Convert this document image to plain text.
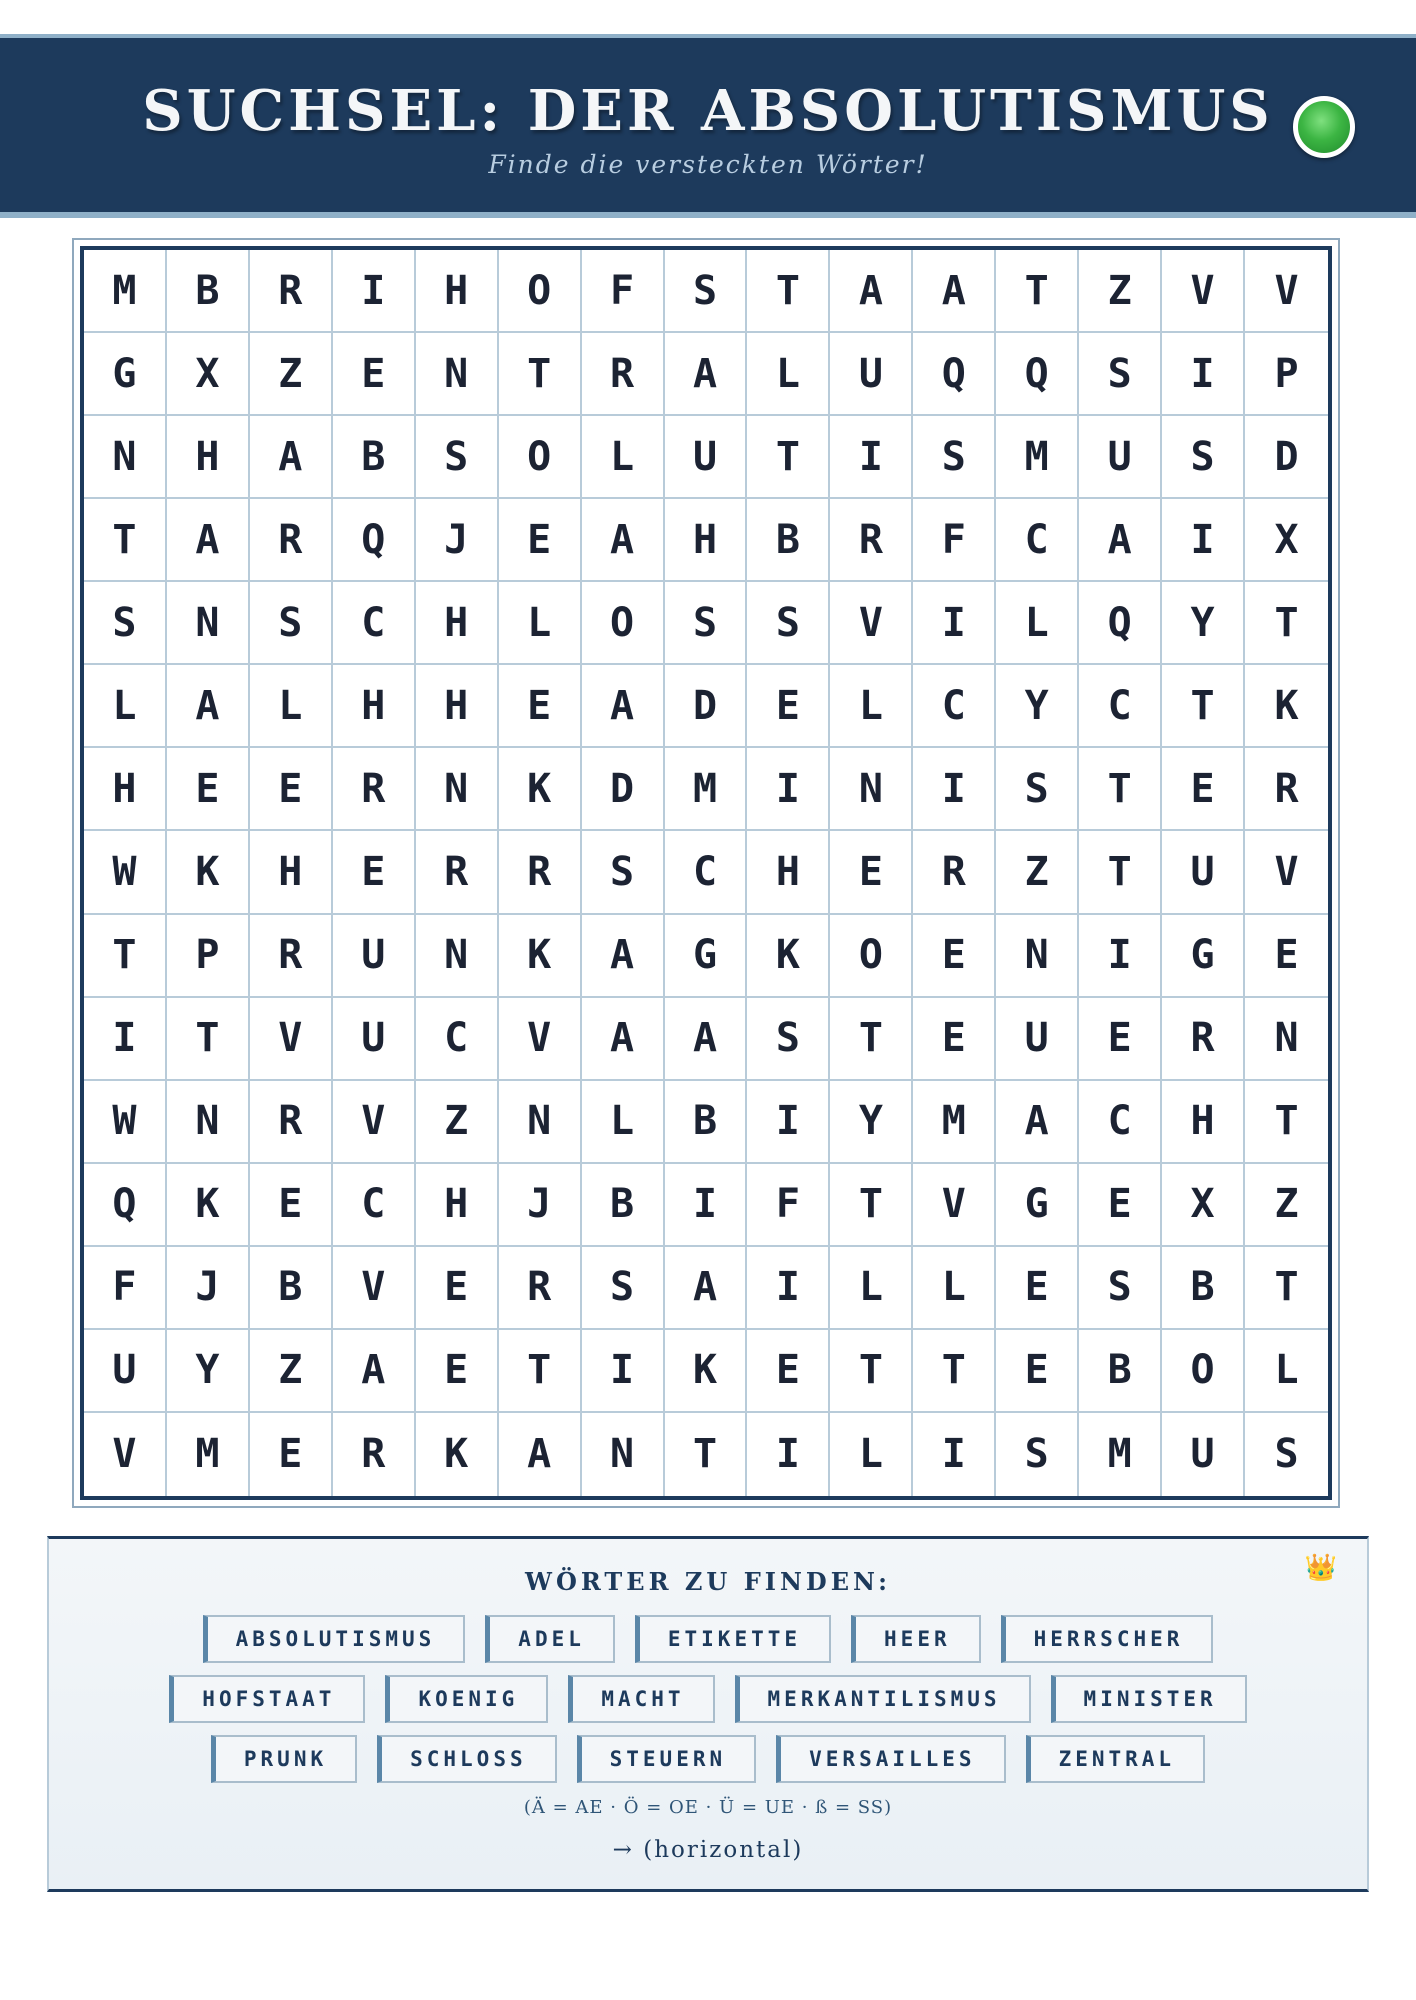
SUCHSEL: DER ABSOLUTISMUS
Finde die versteckten Wörter!
M	B	R	I	H	O	F	S	T	A	A	T	Z	V	V
G	X	Z	E	N	T	R	A	L	U	Q	Q	S	I	P
N	H	A	B	S	O	L	U	T	I	S	M	U	S	D
T	A	R	Q	J	E	A	H	B	R	F	C	A	I	X
S	N	S	C	H	L	O	S	S	V	I	L	Q	Y	T
L	A	L	H	H	E	A	D	E	L	C	Y	C	T	K
H	E	E	R	N	K	D	M	I	N	I	S	T	E	R
W	K	H	E	R	R	S	C	H	E	R	Z	T	U	V
T	P	R	U	N	K	A	G	K	O	E	N	I	G	E
I	T	V	U	C	V	A	A	S	T	E	U	E	R	N
W	N	R	V	Z	N	L	B	I	Y	M	A	C	H	T
Q	K	E	C	H	J	B	I	F	T	V	G	E	X	Z
F	J	B	V	E	R	S	A	I	L	L	E	S	B	T
U	Y	Z	A	E	T	I	K	E	T	T	E	B	O	L
V	M	E	R	K	A	N	T	I	L	I	S	M	U	S
👑
WÖRTER ZU FINDEN:
ABSOLUTISMUS	ADEL	ETIKETTE	HEER	HERRSCHER
HOFSTAAT	KOENIG	MACHT	MERKANTILISMUS	MINISTER
PRUNK	SCHLOSS	STEUERN	VERSAILLES	ZENTRAL
(Ä = AE · Ö = OE · Ü = UE · ß = SS)
→ (horizontal)
